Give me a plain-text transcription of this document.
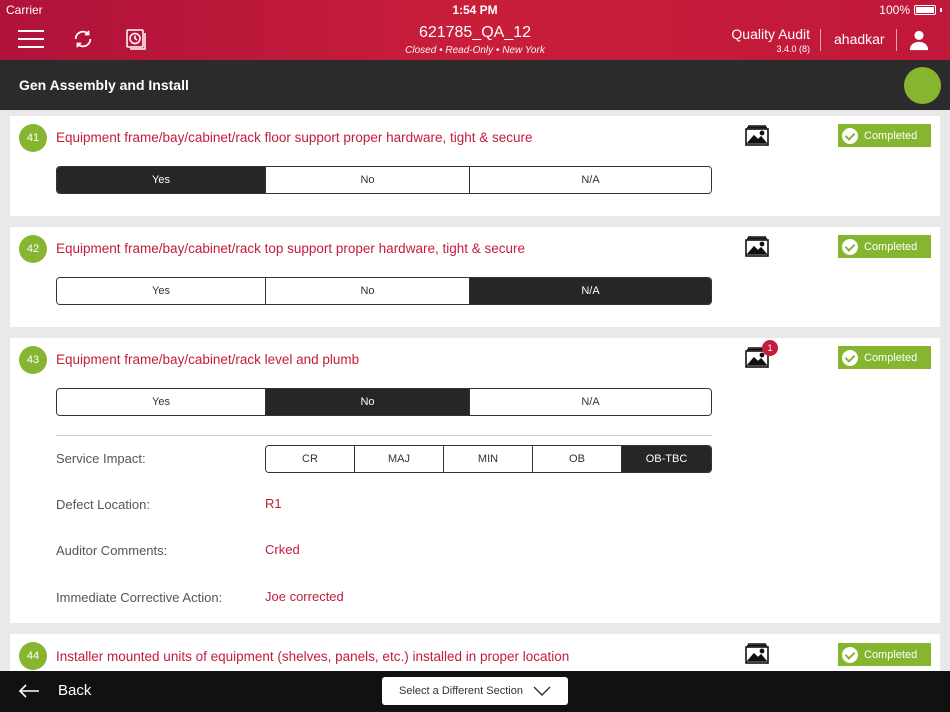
Carrier	1:54 PM	100%
621785_QA_12
Closed • Read-Only • New York
Quality Audit
3.4.0 (8)
ahadkar
Gen Assembly and Install
41	Equipment frame/bay/cabinet/rack floor support proper hardware, tight & secure	Completed
Yes	No	N/A
42	Equipment frame/bay/cabinet/rack top support proper hardware, tight & secure	Completed
Yes	No	N/A
43	Equipment frame/bay/cabinet/rack level and plumb
1
Completed
Yes	No	N/A
Service Impact:	CR	MAJ	MIN	OB	OB-TBC
Defect Location:	R1
Auditor Comments:	Crked
Immediate Corrective Action:	Joe corrected
44	Installer mounted units of equipment (shelves, panels, etc.) installed in proper location	Completed
Back	Select a Different Section
